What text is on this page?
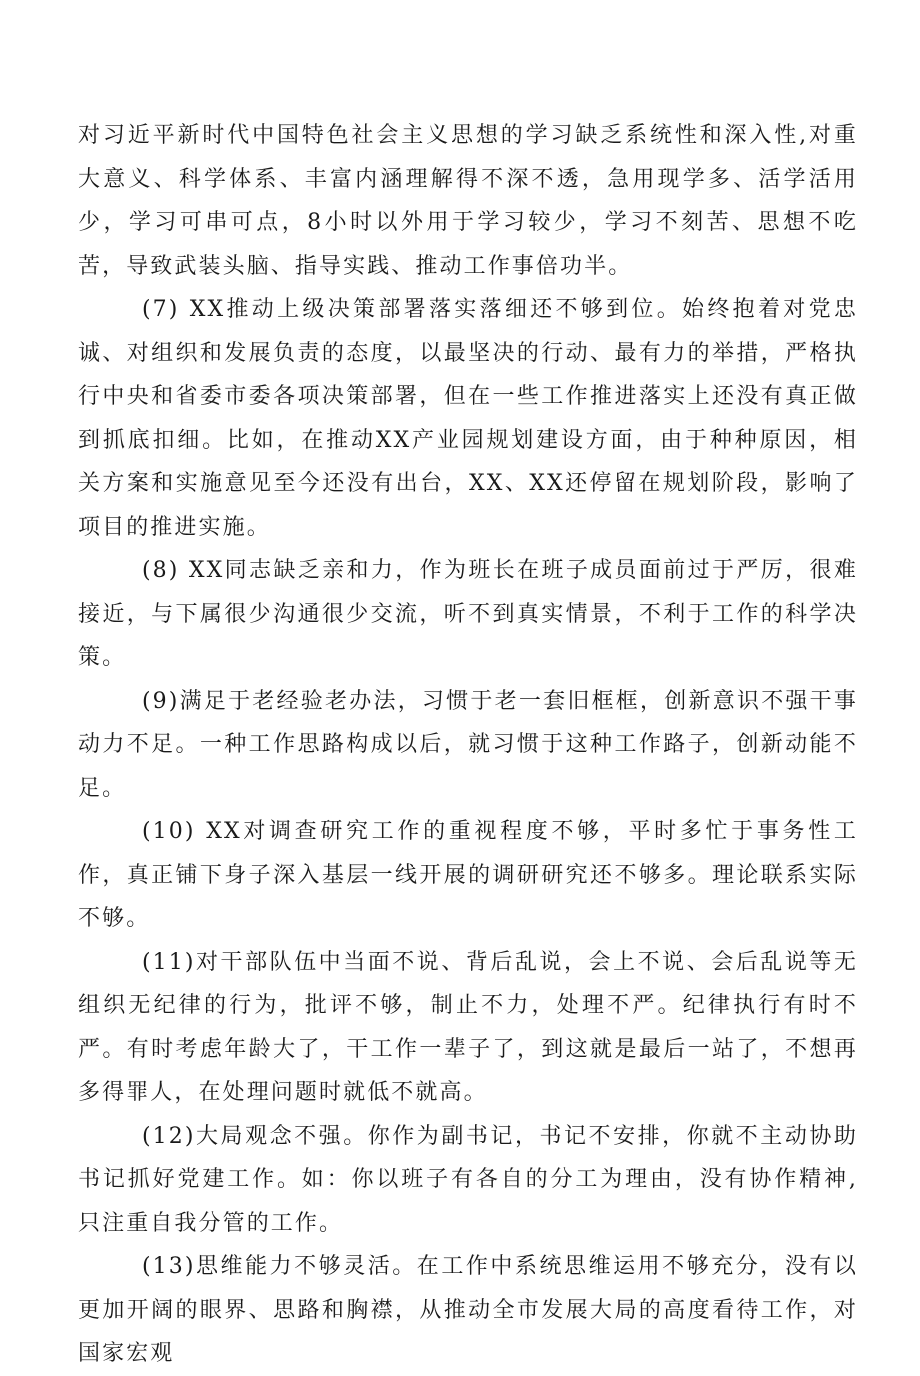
对习近平新时代中国特色社会主义思想的学习缺乏系统性和深入性,对重大意义、科学体系、丰富内涵理解得不深不透，急用现学多、活学活用少，学习可串可点，8小时以外用于学习较少，学习不刻苦、思想不吃苦，导致武装头脑、指导实践、推动工作事倍功半。

(7) XX推动上级决策部署落实落细还不够到位。始终抱着对党忠诚、对组织和发展负责的态度，以最坚决的行动、最有力的举措，严格执行中央和省委市委各项决策部署，但在一些工作推进落实上还没有真正做到抓底扣细。比如，在推动XX产业园规划建设方面，由于种种原因，相关方案和实施意见至今还没有出台，XX、XX还停留在规划阶段，影响了项目的推进实施。

(8) XX同志缺乏亲和力，作为班长在班子成员面前过于严厉，很难接近，与下属很少沟通很少交流，听不到真实情景，不利于工作的科学决策。

(9)满足于老经验老办法，习惯于老一套旧框框，创新意识不强干事动力不足。一种工作思路构成以后，就习惯于这种工作路子，创新动能不足。

(10) XX对调查研究工作的重视程度不够，平时多忙于事务性工作，真正铺下身子深入基层一线开展的调研研究还不够多。理论联系实际不够。

(11)对干部队伍中当面不说、背后乱说，会上不说、会后乱说等无组织无纪律的行为，批评不够，制止不力，处理不严。纪律执行有时不严。有时考虑年龄大了，干工作一辈子了，到这就是最后一站了，不想再多得罪人，在处理问题时就低不就高。

(12)大局观念不强。你作为副书记，书记不安排，你就不主动协助书记抓好党建工作。如：你以班子有各自的分工为理由，没有协作精神,只注重自我分管的工作。

(13)思维能力不够灵活。在工作中系统思维运用不够充分，没有以更加开阔的眼界、思路和胸襟，从推动全市发展大局的高度看待工作，对国家宏观
